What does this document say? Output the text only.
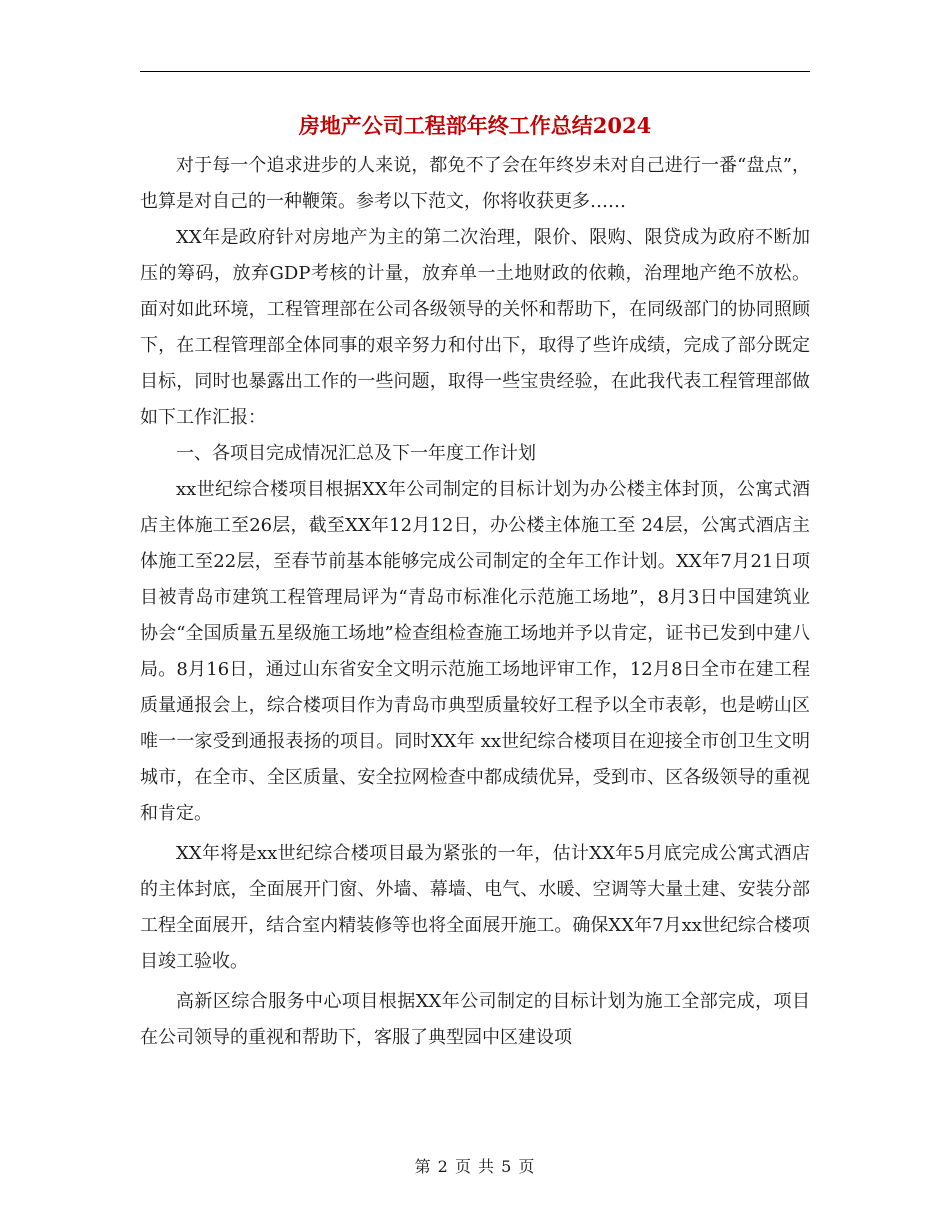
房地产公司工程部年终工作总结2024

对于每一个追求进步的人来说，都免不了会在年终岁未对自己进行一番“盘点”，也算是对自己的一种鞭策。参考以下范文，你将收获更多……

XX年是政府针对房地产为主的第二次治理，限价、限购、限贷成为政府不断加压的筹码，放弃GDP考核的计量，放弃单一土地财政的依赖，治理地产绝不放松。面对如此环境，工程管理部在公司各级领导的关怀和帮助下，在同级部门的协同照顾下，在工程管理部全体同事的艰辛努力和付出下，取得了些许成绩，完成了部分既定目标，同时也暴露出工作的一些问题，取得一些宝贵经验，在此我代表工程管理部做如下工作汇报：

一、各项目完成情况汇总及下一年度工作计划

xx世纪综合楼项目根据XX年公司制定的目标计划为办公楼主体封顶，公寓式酒店主体施工至26层，截至XX年12月12日，办公楼主体施工至 24层，公寓式酒店主体施工至22层，至春节前基本能够完成公司制定的全年工作计划。XX年7月21日项目被青岛市建筑工程管理局评为“青岛市标准化示范施工场地”，8月3日中国建筑业协会“全国质量五星级施工场地”检查组检查施工场地并予以肯定，证书已发到中建八局。8月16日，通过山东省安全文明示范施工场地评审工作，12月8日全市在建工程质量通报会上，综合楼项目作为青岛市典型质量较好工程予以全市表彰，也是崂山区唯一一家受到通报表扬的项目。同时XX年 xx世纪综合楼项目在迎接全市创卫生文明城市，在全市、全区质量、安全拉网检查中都成绩优异，受到市、区各级领导的重视和肯定。

XX年将是xx世纪综合楼项目最为紧张的一年，估计XX年5月底完成公寓式酒店的主体封底，全面展开门窗、外墙、幕墙、电气、水暖、空调等大量土建、安装分部工程全面展开，结合室内精装修等也将全面展开施工。确保XX年7月xx世纪综合楼项目竣工验收。

高新区综合服务中心项目根据XX年公司制定的目标计划为施工全部完成，项目在公司领导的重视和帮助下，客服了典型园中区建设项

第 2 页 共 5 页
